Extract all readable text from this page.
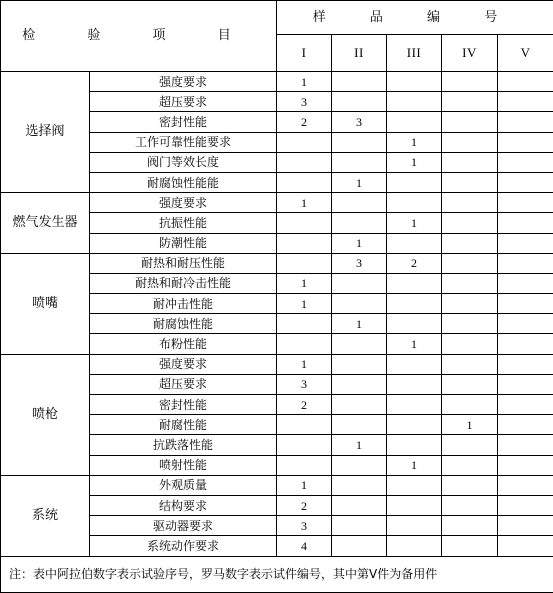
检 验 项 目		样 品 编 号				
		I	II	III	IV	V
选择阀	强度要求	1				
	超压要求	3				
	密封性能	2	3			
	工作可靠性能要求			1		
	阀门等效长度			1		
	耐腐蚀性能能		1			
燃气发生器	强度要求	1				
	抗振性能			1		
	防潮性能		1			
喷嘴	耐热和耐压性能		3	2		
	耐热和耐冷击性能	1				
	耐冲击性能	1				
	耐腐蚀性能		1			
	布粉性能			1		
喷枪	强度要求	1				
	超压要求	3				
	密封性能	2				
	耐腐性能				1	
	抗跌落性能		1			
	喷射性能			1		
系统	外观质量	1				
	结构要求	2				
	驱动器要求	3				
	系统动作要求	4				
注：表中阿拉伯数字表示试验序号，罗马数字表示试件编号，其中第Ⅴ件为备用件						
